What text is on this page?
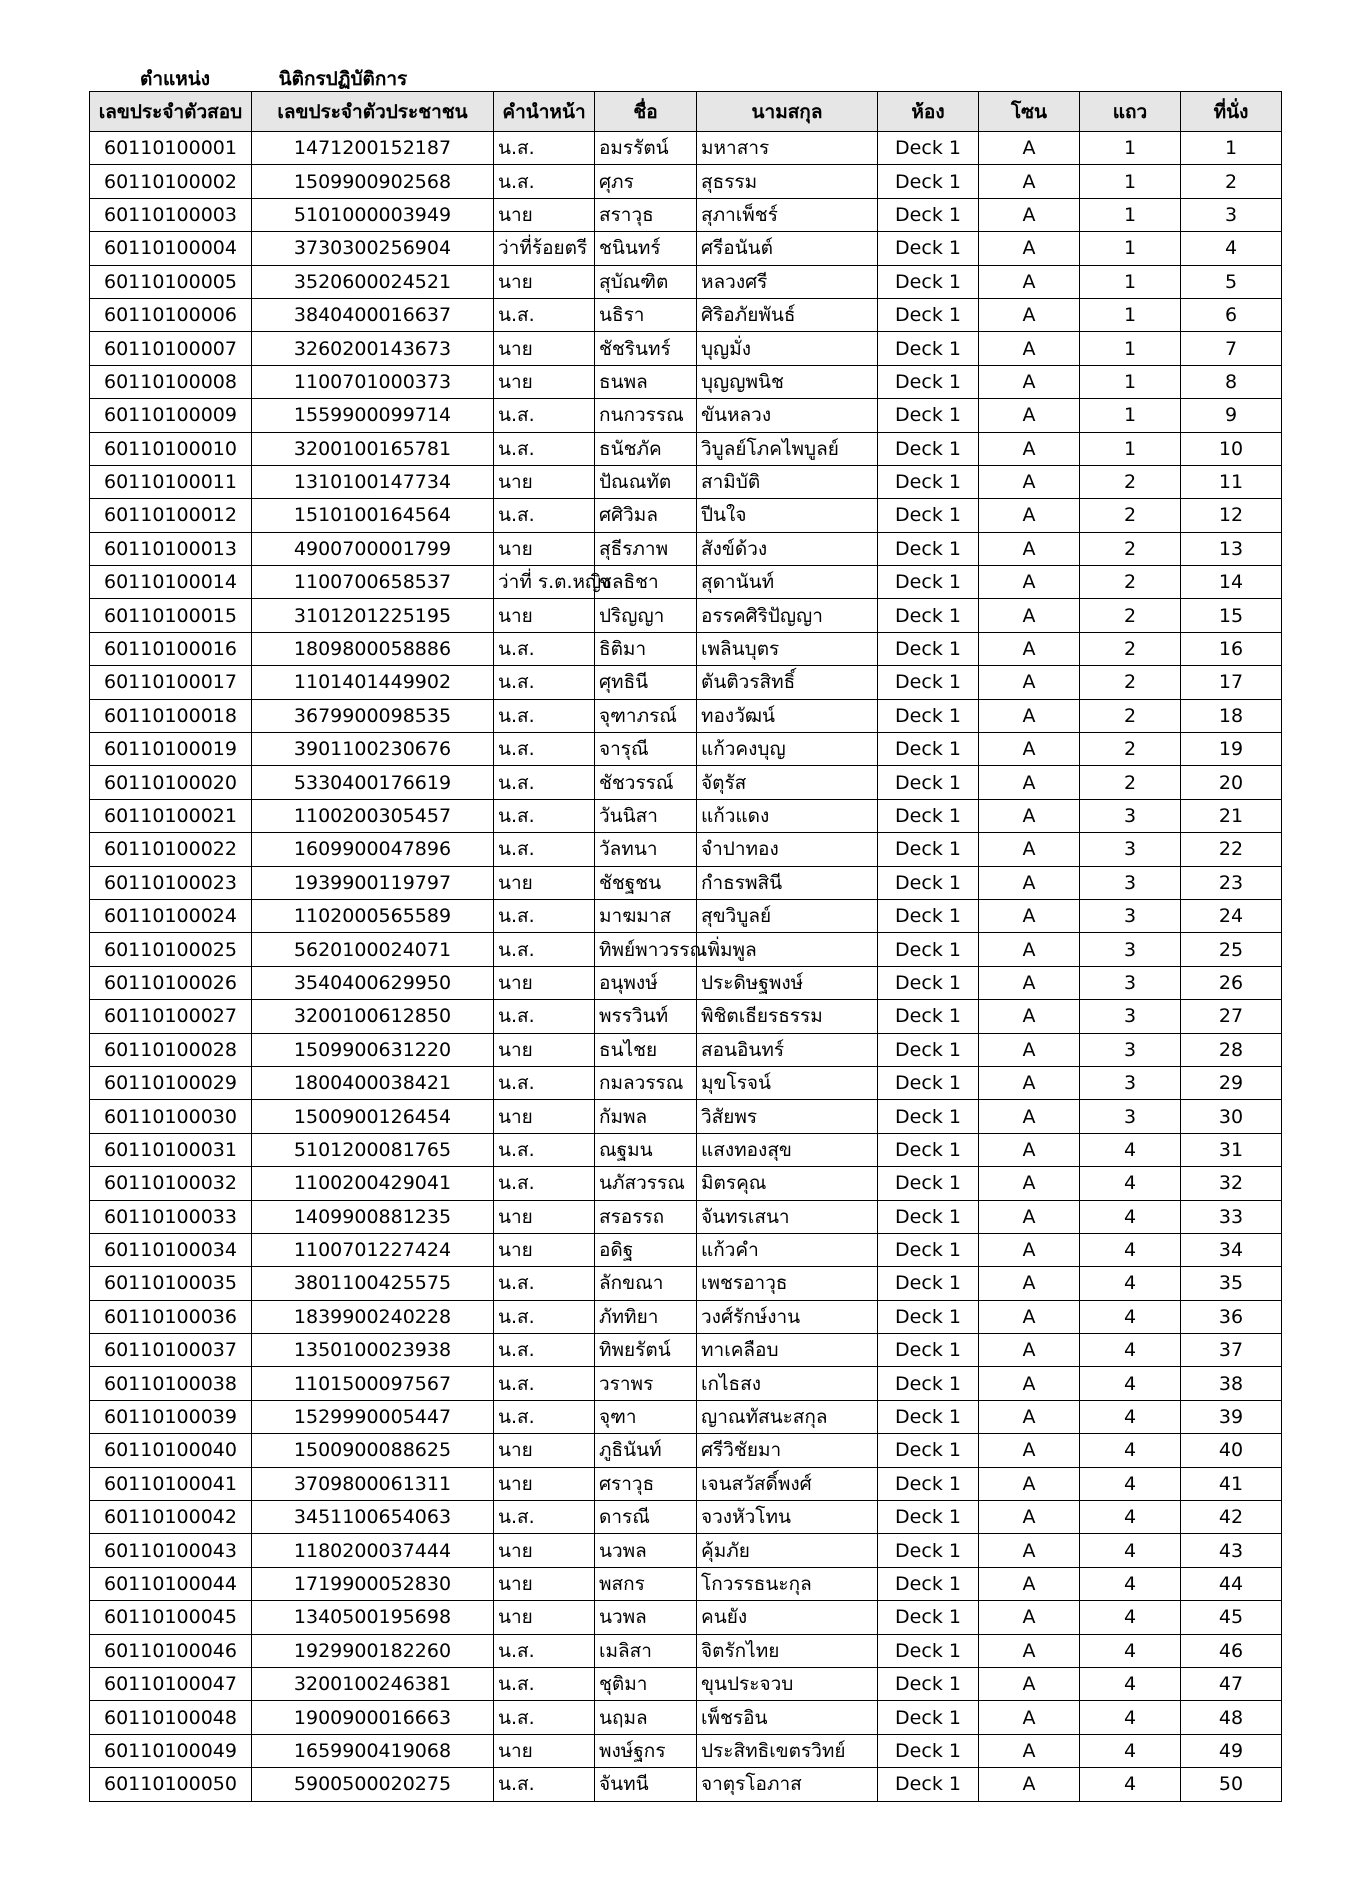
ตำแหน่ง	นิติกรปฏิบัติการ
เลขประจำตัวสอบ	เลขประจำตัวประชาชน	คำนำหน้า	ชื่อ	นามสกุล	ห้อง	โซน	แถว	ที่นั่ง
60110100001	1471200152187	น.ส.	อมรรัตน์	มหาสาร	Deck 1	A	1	1
60110100002	1509900902568	น.ส.	ศุภร	สุธรรม	Deck 1	A	1	2
60110100003	5101000003949	นาย	สราวุธ	สุภาเพ็ชร์	Deck 1	A	1	3
60110100004	3730300256904	ว่าที่ร้อยตรี	ชนินทร์	ศรีอนันต์	Deck 1	A	1	4
60110100005	3520600024521	นาย	สุบัณฑิต	หลวงศรี	Deck 1	A	1	5
60110100006	3840400016637	น.ส.	นธิรา	ศิริอภัยพันธ์	Deck 1	A	1	6
60110100007	3260200143673	นาย	ชัชรินทร์	บุญมั่ง	Deck 1	A	1	7
60110100008	1100701000373	นาย	ธนพล	บุญญพนิช	Deck 1	A	1	8
60110100009	1559900099714	น.ส.	กนกวรรณ	ขันหลวง	Deck 1	A	1	9
60110100010	3200100165781	น.ส.	ธนัชภัค	วิบูลย์โภคไพบูลย์	Deck 1	A	1	10
60110100011	1310100147734	นาย	ปัณณทัต	สามิบัติ	Deck 1	A	2	11
60110100012	1510100164564	น.ส.	ศศิวิมล	ปีนใจ	Deck 1	A	2	12
60110100013	4900700001799	นาย	สุธีรภาพ	สังข์ด้วง	Deck 1	A	2	13
60110100014	1100700658537	ว่าที่ ร.ต.หญิง	ชลธิชา	สุดานันท์	Deck 1	A	2	14
60110100015	3101201225195	นาย	ปริญญา	อรรคศิริปัญญา	Deck 1	A	2	15
60110100016	1809800058886	น.ส.	ธิติมา	เพลินบุตร	Deck 1	A	2	16
60110100017	1101401449902	น.ส.	ศุทธินี	ตันติวรสิทธิ์	Deck 1	A	2	17
60110100018	3679900098535	น.ส.	จุฑาภรณ์	ทองวัฒน์	Deck 1	A	2	18
60110100019	3901100230676	น.ส.	จารุณี	แก้วคงบุญ	Deck 1	A	2	19
60110100020	5330400176619	น.ส.	ชัชวรรณ์	จัตุรัส	Deck 1	A	2	20
60110100021	1100200305457	น.ส.	วันนิสา	แก้วแดง	Deck 1	A	3	21
60110100022	1609900047896	น.ส.	วัลทนา	จำปาทอง	Deck 1	A	3	22
60110100023	1939900119797	นาย	ชัชฐชน	กำธรพสินี	Deck 1	A	3	23
60110100024	1102000565589	น.ส.	มาฆมาส	สุขวิบูลย์	Deck 1	A	3	24
60110100025	5620100024071	น.ส.	ทิพย์พาวรรณ	เพิ่มพูล	Deck 1	A	3	25
60110100026	3540400629950	นาย	อนุพงษ์	ประดิษฐพงษ์	Deck 1	A	3	26
60110100027	3200100612850	น.ส.	พรรวินท์	พิชิตเธียรธรรม	Deck 1	A	3	27
60110100028	1509900631220	นาย	ธนไชย	สอนอินทร์	Deck 1	A	3	28
60110100029	1800400038421	น.ส.	กมลวรรณ	มุขโรจน์	Deck 1	A	3	29
60110100030	1500900126454	นาย	กัมพล	วิสัยพร	Deck 1	A	3	30
60110100031	5101200081765	น.ส.	ณฐมน	แสงทองสุข	Deck 1	A	4	31
60110100032	1100200429041	น.ส.	นภัสวรรณ	มิตรคุณ	Deck 1	A	4	32
60110100033	1409900881235	นาย	สรอรรถ	จันทรเสนา	Deck 1	A	4	33
60110100034	1100701227424	นาย	อดิฐ	แก้วคำ	Deck 1	A	4	34
60110100035	3801100425575	น.ส.	ลักขณา	เพชรอาวุธ	Deck 1	A	4	35
60110100036	1839900240228	น.ส.	ภัททิยา	วงศ์รักษ์งาน	Deck 1	A	4	36
60110100037	1350100023938	น.ส.	ทิพยรัตน์	ทาเคลือบ	Deck 1	A	4	37
60110100038	1101500097567	น.ส.	วราพร	เกไธสง	Deck 1	A	4	38
60110100039	1529990005447	น.ส.	จุฑา	ญาณทัสนะสกุล	Deck 1	A	4	39
60110100040	1500900088625	นาย	ภูธินันท์	ศรีวิชัยมา	Deck 1	A	4	40
60110100041	3709800061311	นาย	ศราวุธ	เจนสวัสดิ์พงศ์	Deck 1	A	4	41
60110100042	3451100654063	น.ส.	ดารณี	จวงหัวโทน	Deck 1	A	4	42
60110100043	1180200037444	นาย	นวพล	คุ้มภัย	Deck 1	A	4	43
60110100044	1719900052830	นาย	พสกร	โกวรรธนะกุล	Deck 1	A	4	44
60110100045	1340500195698	นาย	นวพล	คนยัง	Deck 1	A	4	45
60110100046	1929900182260	น.ส.	เมลิสา	จิตรักไทย	Deck 1	A	4	46
60110100047	3200100246381	น.ส.	ชุติมา	ขุนประจวบ	Deck 1	A	4	47
60110100048	1900900016663	น.ส.	นฤมล	เพ็ชรอิน	Deck 1	A	4	48
60110100049	1659900419068	นาย	พงษ์ฐกร	ประสิทธิเขตรวิทย์	Deck 1	A	4	49
60110100050	5900500020275	น.ส.	จันทนี	จาตุรโอภาส	Deck 1	A	4	50
